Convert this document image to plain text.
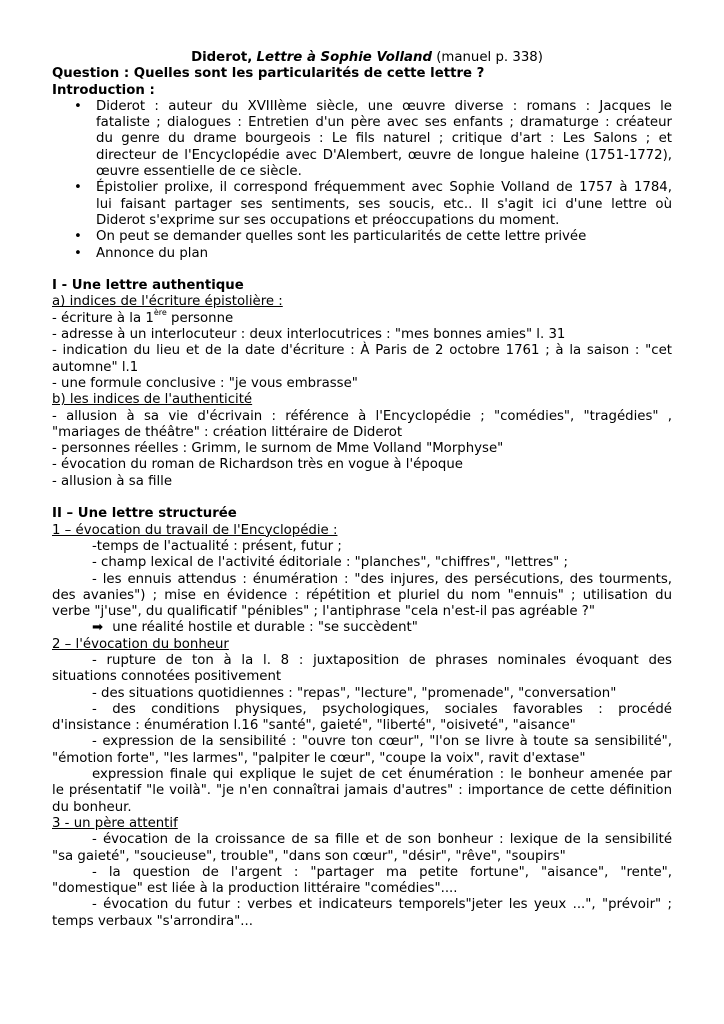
Diderot, Lettre à Sophie Volland (manuel p. 338)
Question : Quelles sont les particularités de cette lettre ?
Introduction :
• Diderot : auteur du XVIIIème siècle, une œuvre diverse : romans : Jacques le
fataliste ; dialogues : Entretien d'un père avec ses enfants ; dramaturge : créateur
du genre du drame bourgeois : Le fils naturel ; critique d'art : Les Salons ; et
directeur de l'Encyclopédie avec D'Alembert, œuvre de longue haleine (1751-1772),
œuvre essentielle de ce siècle.
• Épistolier prolixe, il correspond fréquemment avec Sophie Volland de 1757 à 1784,
lui faisant partager ses sentiments, ses soucis, etc.. Il s'agit ici d'une lettre où
Diderot s'exprime sur ses occupations et préoccupations du moment.
• On peut se demander quelles sont les particularités de cette lettre privée
• Annonce du plan
I - Une lettre authentique
a) indices de l'écriture épistolière :
- écriture à la 1ère personne
- adresse à un interlocuteur : deux interlocutrices : "mes bonnes amies" l. 31
- indication du lieu et de la date d'écriture : À Paris de 2 octobre 1761 ; à la saison : "cet
automne" l.1
- une formule conclusive : "je vous embrasse"
b) les indices de l'authenticité
- allusion à sa vie d'écrivain : référence à l'Encyclopédie ; "comédies", "tragédies" ,
"mariages de théâtre" : création littéraire de Diderot
- personnes réelles : Grimm, le surnom de Mme Volland "Morphyse"
- évocation du roman de Richardson très en vogue à l'époque
- allusion à sa fille
II – Une lettre structurée
1 – évocation du travail de l'Encyclopédie :
-temps de l'actualité : présent, futur ;
- champ lexical de l'activité éditoriale : "planches", "chiffres", "lettres" ;
- les ennuis attendus : énumération : "des injures, des persécutions, des tourments,
des avanies") ; mise en évidence : répétition et pluriel du nom "ennuis" ; utilisation du
verbe "j'use", du qualificatif "pénibles" ; l'antiphrase "cela n'est-il pas agréable ?"
➡ une réalité hostile et durable : "se succèdent"
2 – l'évocation du bonheur
- rupture de ton à la l. 8 : juxtaposition de phrases nominales évoquant des
situations connotées positivement
- des situations quotidiennes : "repas", "lecture", "promenade", "conversation"
- des conditions physiques, psychologiques, sociales favorables : procédé
d'insistance : énumération l.16 "santé", gaieté", "liberté", "oisiveté", "aisance"
- expression de la sensibilité : "ouvre ton cœur", "l'on se livre à toute sa sensibilité",
"émotion forte", "les larmes", "palpiter le cœur", "coupe la voix", ravit d'extase"
expression finale qui explique le sujet de cet énumération : le bonheur amenée par
le présentatif "le voilà". "je n'en connaîtrai jamais d'autres" : importance de cette définition
du bonheur.
3 - un père attentif
- évocation de la croissance de sa fille et de son bonheur : lexique de la sensibilité
"sa gaieté", "soucieuse", trouble", "dans son cœur", "désir", "rêve", "soupirs"
- la question de l'argent : "partager ma petite fortune", "aisance", "rente",
"domestique" est liée à la production littéraire "comédies"....
- évocation du futur : verbes et indicateurs temporels"jeter les yeux ...", "prévoir" ;
temps verbaux "s'arrondira"...
